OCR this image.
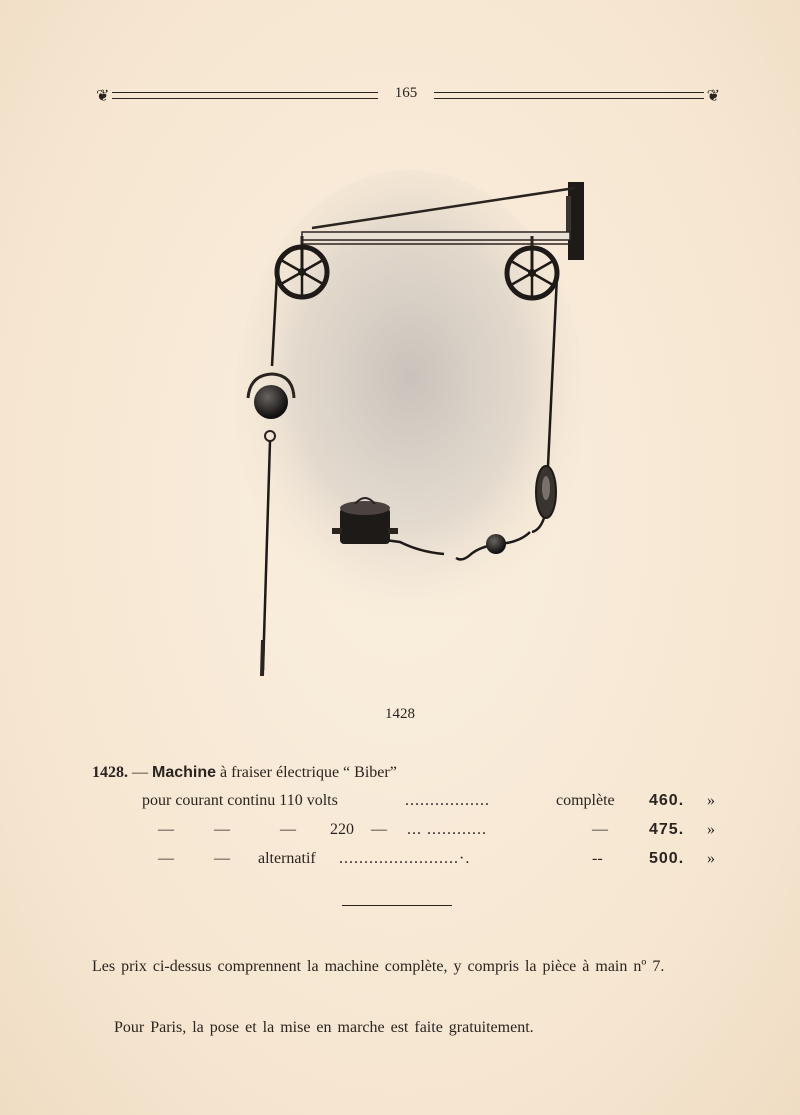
❦	165	❦
1428
1428. — Machine à fraiser électrique “ Biber”
pour courant continu 110 volts	.................	complète 460. »
—	—	— 220 — ... ............	—	475. »
—	— alternatif ........................·.	--	500. »

Les prix ci-dessus comprennent la machine complète, y compris la pièce à main nº 7.

Pour Paris, la pose et la mise en marche est faite gratuitement.
